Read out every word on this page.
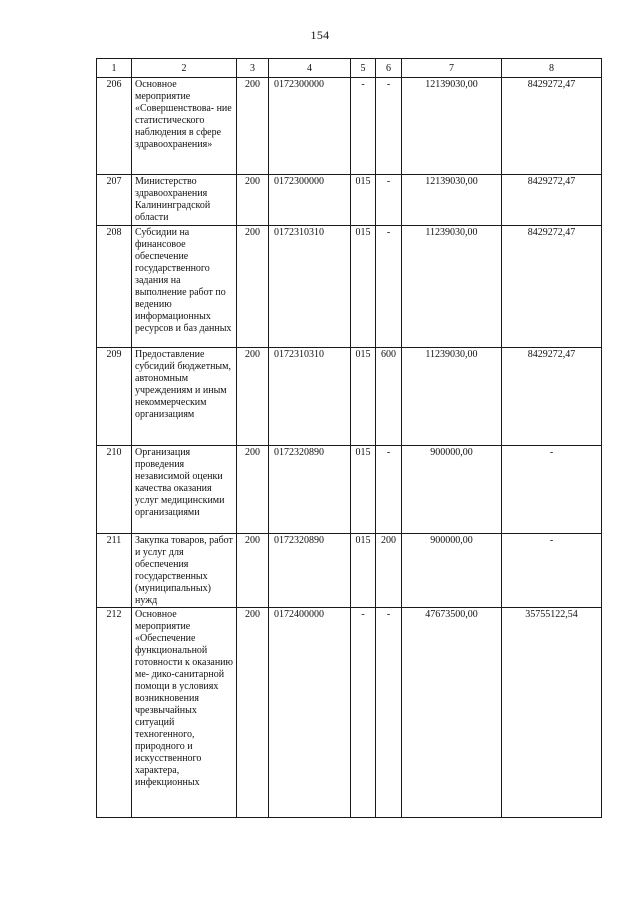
154
1	2	3	4	5	6	7	8
206	Основное мероприятие «Совершенствова- ние статистического наблюдения в сфере здравоохранения»	200	0172300000	-	-	12139030,00	8429272,47
207	Министерство здравоохранения Калининградской области	200	0172300000	015	-	12139030,00	8429272,47
208	Субсидии на финансовое обеспечение государственного задания на выполнение работ по ведению информационных ресурсов и баз данных	200	0172310310	015	-	11239030,00	8429272,47
209	Предоставление субсидий бюджетным, автономным учреждениям и иным некоммерческим организациям	200	0172310310	015	600	11239030,00	8429272,47
210	Организация проведения независимой оценки качества оказания услуг медицинскими организациями	200	0172320890	015	-	900000,00	-
211	Закупка товаров, работ и услуг для обеспечения государственных (муниципальных) нужд	200	0172320890	015	200	900000,00	-
212	Основное мероприятие «Обеспечение функциональной готовности к оказанию ме- дико-санитарной помощи в условиях возникновения чрезвычайных ситуаций техногенного, природного и искусственного характера, инфекционных	200	0172400000	-	-	47673500,00	35755122,54
